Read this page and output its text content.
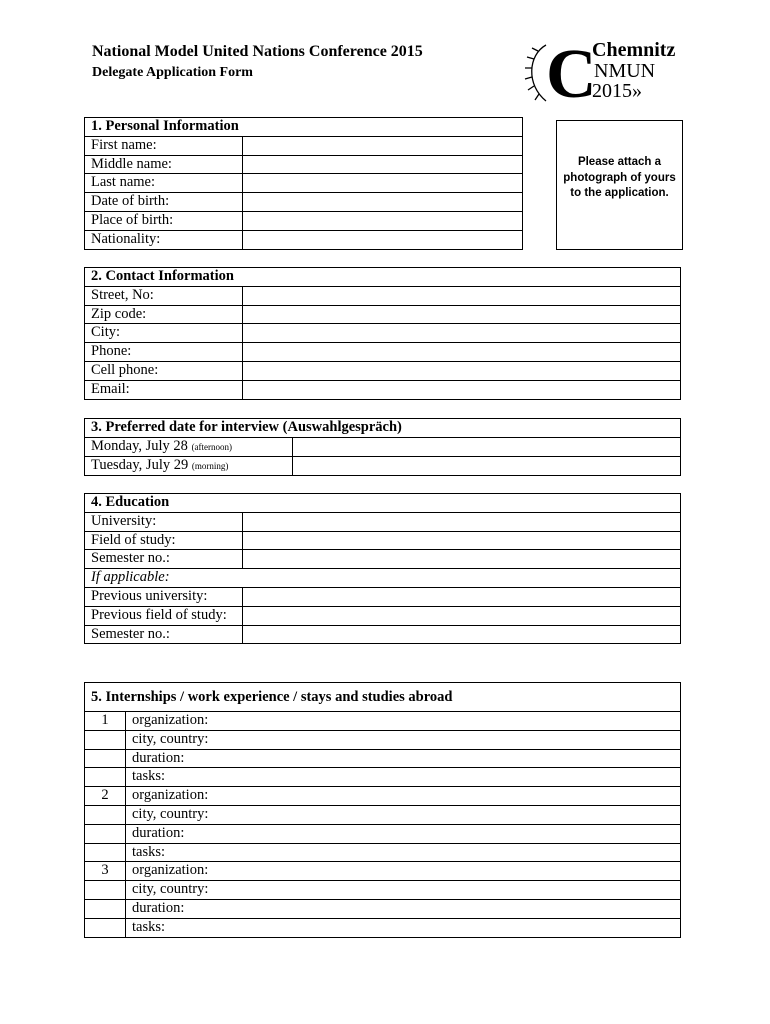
National Model United Nations Conference 2015
Delegate Application Form	C
Chemnitz
NMUN
2015»
Please attach a photograph of yours to the application.
1. Personal Information	
First name:	
Middle name:	
Last name:	
Date of birth:	
Place of birth:	
Nationality:	
2. Contact Information	
Street, No:	
Zip code:	
City:	
Phone:	
Cell phone:	
Email:	
3. Preferred date for interview (Auswahlgespräch)	
Monday, July 28 (afternoon)	
Tuesday, July 29 (morning)	
4. Education	
University:	
Field of study:	
Semester no.:	
If applicable:	
Previous university:	
Previous field of study:	
Semester no.:	
5. Internships / work experience / stays and studies abroad	
1	organization:
	city, country:
	duration:
	tasks:
2	organization:
	city, country:
	duration:
	tasks:
3	organization:
	city, country:
	duration:
	tasks:
